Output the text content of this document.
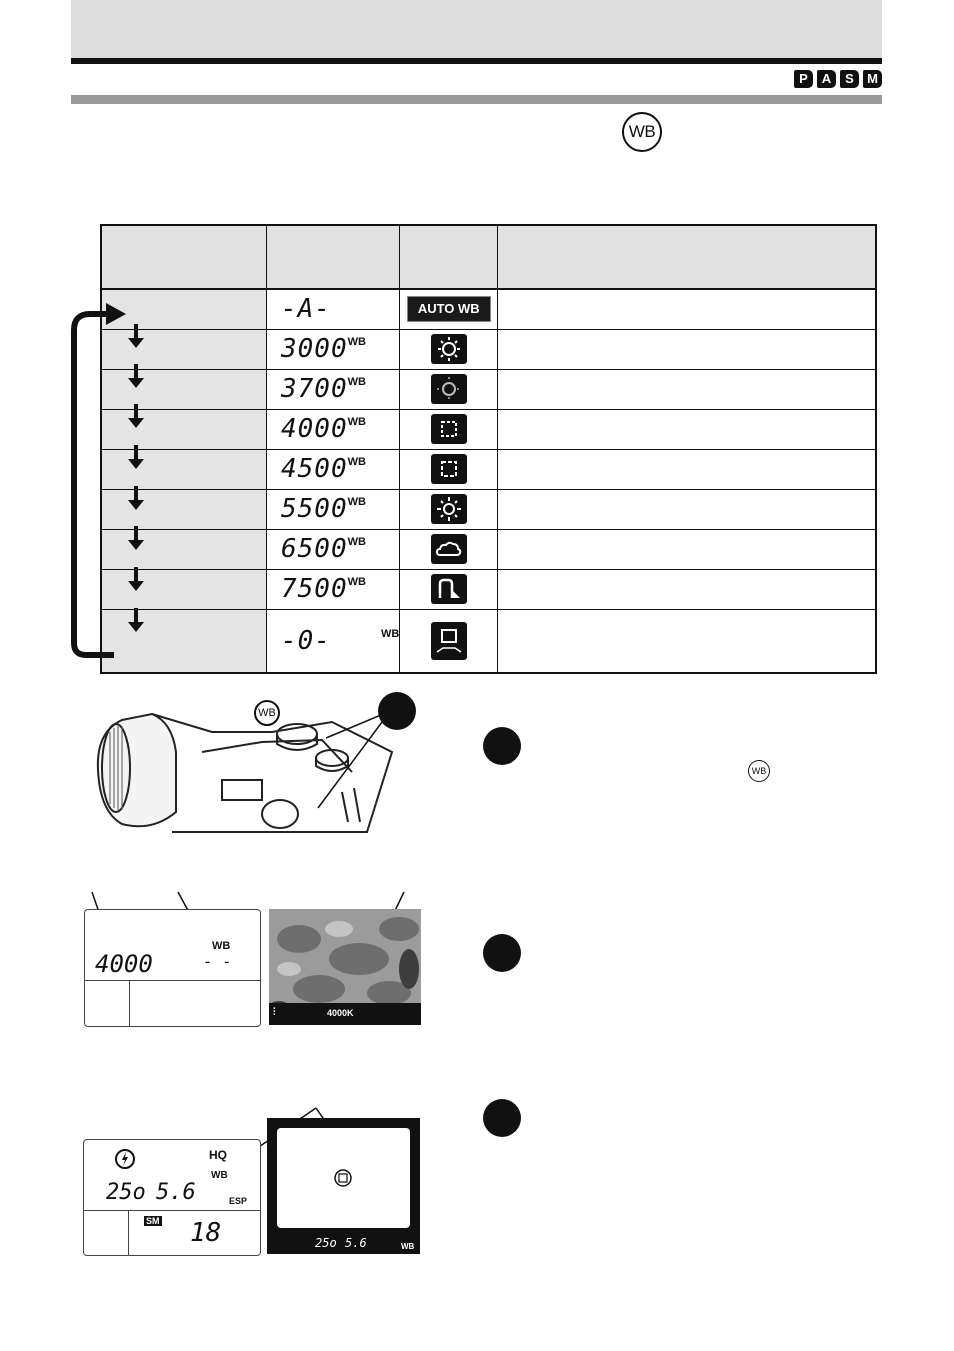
P	A	S	M
WB

	-A-	AUTO WB	

	$3000^{WB}$	

	$3700^{WB}$	

	$4000^{WB}$	

	$4500^{WB}$	

	$5500^{WB}$	

	$6500^{WB}$	

	$7500^{WB}$	

	-0- $^{WB}$	

WB
WB
4000
WB
- -
⫶	4000K
HQ
WB
25o 5.6	ESP
SM 18	25o 5.6	WB
